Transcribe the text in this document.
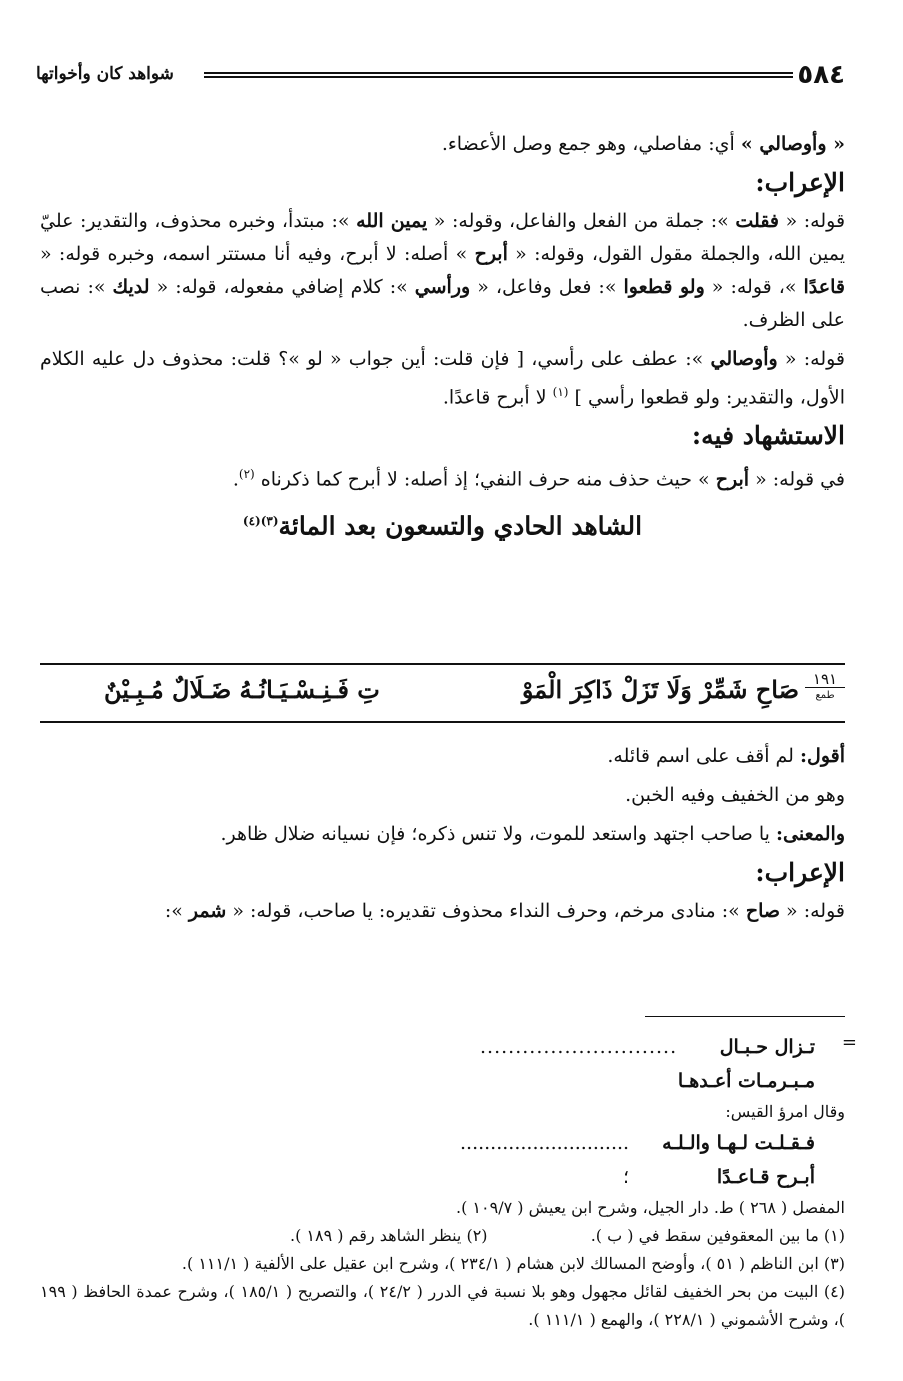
٥٨٤
شواهد كان وأخواتها

« وأوصالي » أي: مفاصلي، وهو جمع وصل الأعضاء.

الإعراب:

قوله: « فقلت »: جملة من الفعل والفاعل، وقوله: « يمين الله »: مبتدأ، وخبره محذوف، والتقدير: عليّ يمين الله، والجملة مقول القول، وقوله: « أبرح » أصله: لا أبرح، وفيه أنا مستتر اسمه، وخبره قوله: « قاعدًا »، قوله: « ولو قطعوا »: فعل وفاعل، « ورأسي »: كلام إضافي مفعوله، قوله: « لديك »: نصب على الظرف.

قوله: « وأوصالي »: عطف على رأسي، [ فإن قلت: أين جواب « لو »؟ قلت: محذوف دل عليه الكلام الأول، والتقدير: ولو قطعوا رأسي ] $^{(١)}$ لا أبرح قاعدًا.

الاستشهاد فيه:

في قوله: « أبرح » حيث حذف منه حرف النفي؛ إذ أصله: لا أبرح كما ذكرناه $^{(٢)}$.

الشاهد الحادي والتسعون بعد المائة$^{(٣)(٤)}$

١٩١
طمع
صَاحِ شَمِّرْ وَلَا تَزَلْ ذَاكِرَ الْمَوْ
تِ فَـنِـسْـيَـانُـهُ ضَـلَالٌ مُـبِـيْنٌ

أقول: لم أقف على اسم قائله.

وهو من الخفيف وفيه الخبن.

والمعنى: يا صاحب اجتهد واستعد للموت، ولا تنس ذكره؛ فإن نسيانه ضلال ظاهر.

الإعراب:

قوله: « صاح »: منادى مرخم، وحرف النداء محذوف تقديره: يا صاحب، قوله: « شمر »:

=
تـزال حـبـال مـبـرمـات أعـدهـا
............................

وقال امرؤ القيس:

فـقـلـت لـهـا والـلـه أبـرح قـاعـدًا
............................ ؛

المفصل ( ٢٦٨ ) ط. دار الجيل، وشرح ابن يعيش ( ١٠٩/٧ ).

(١) ما بين المعقوفين سقط في ( ب ).
(٢) ينظر الشاهد رقم ( ١٨٩ ).

(٣) ابن الناظم ( ٥١ )، وأوضح المسالك لابن هشام ( ٢٣٤/١ )، وشرح ابن عقيل على الألفية ( ١١١/١ ).

(٤) البيت من بحر الخفيف لقائل مجهول وهو بلا نسبة في الدرر ( ٢٤/٢ )، والتصريح ( ١٨٥/١ )، وشرح عمدة الحافظ ( ١٩٩ )، وشرح الأشموني ( ٢٢٨/١ )، والهمع ( ١١١/١ ).
